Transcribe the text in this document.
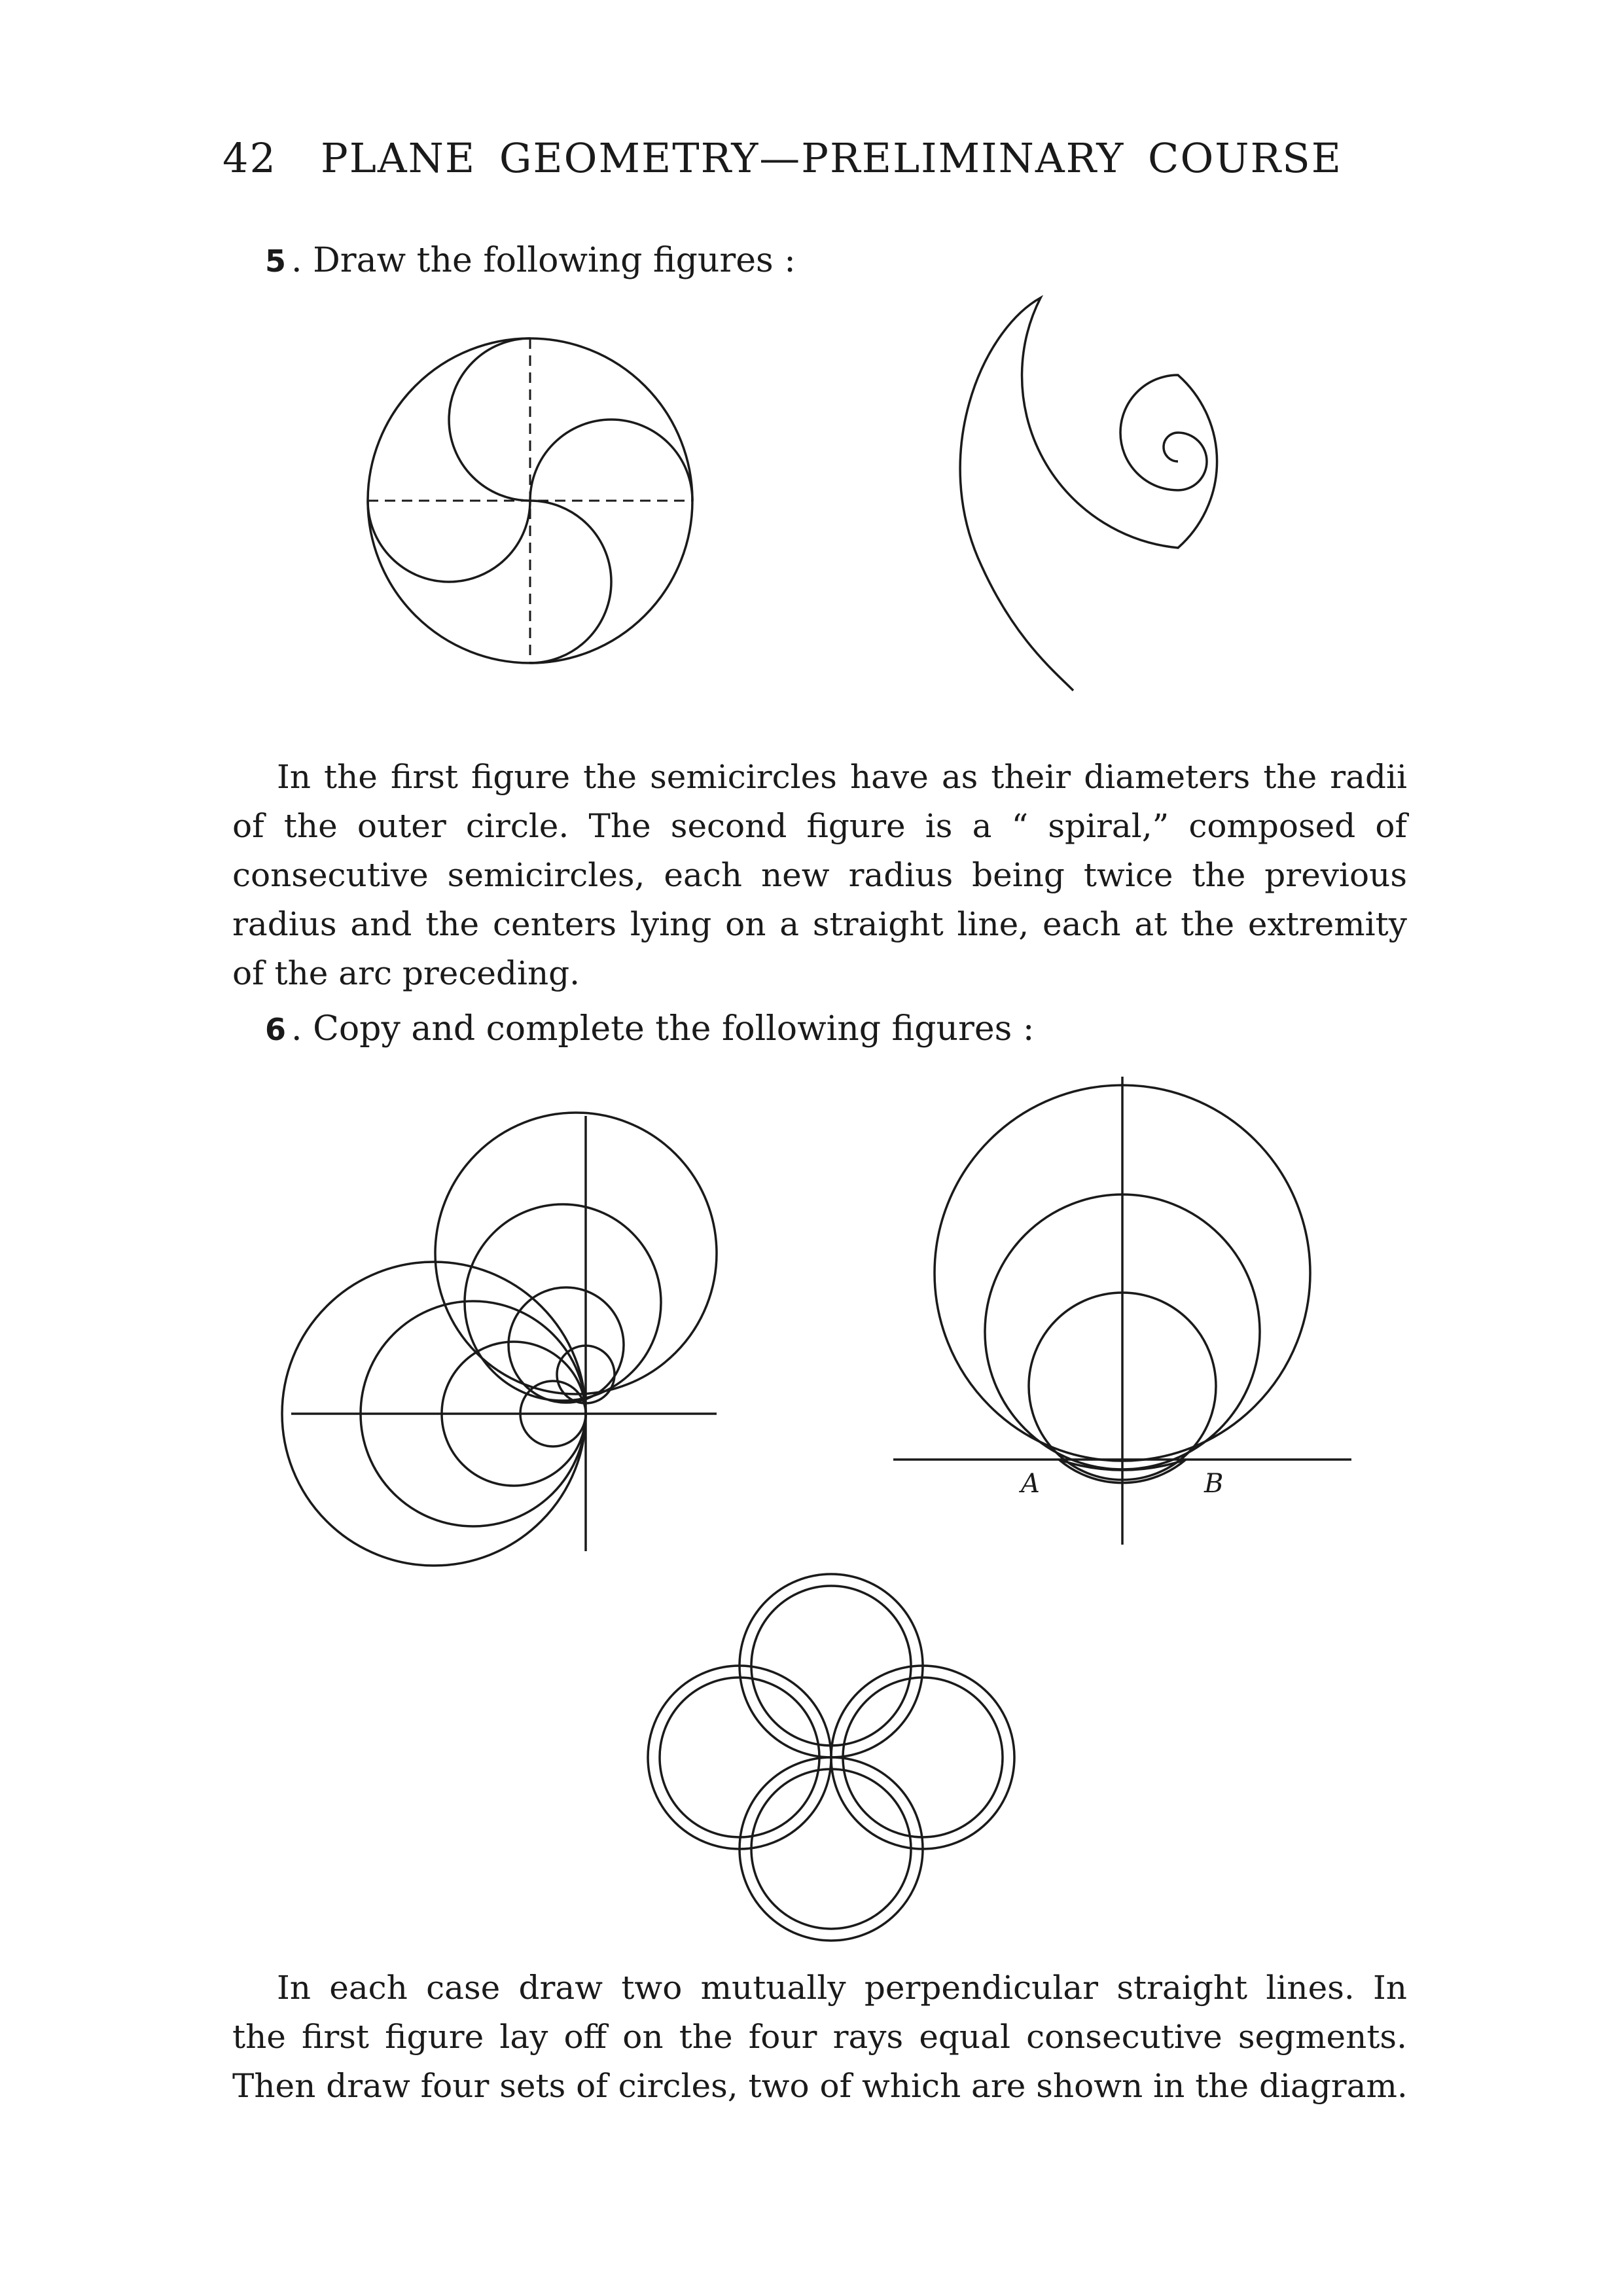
42 PLANE GEOMETRY—PRELIMINARY COURSE
5 . Draw the following figures :
In the first figure the semicircles have as their diameters the radii
of the outer circle. The second figure is a “ spiral,” composed of
consecutive semicircles, each new radius being twice the previous
radius and the centers lying on a straight line, each at the extremity
of the arc preceding.
6 . Copy and complete the following figures :
A	B
In each case draw two mutually perpendicular straight lines. In
the first figure lay off on the four rays equal consecutive segments.
Then draw four sets of circles, two of which are shown in the diagram.
